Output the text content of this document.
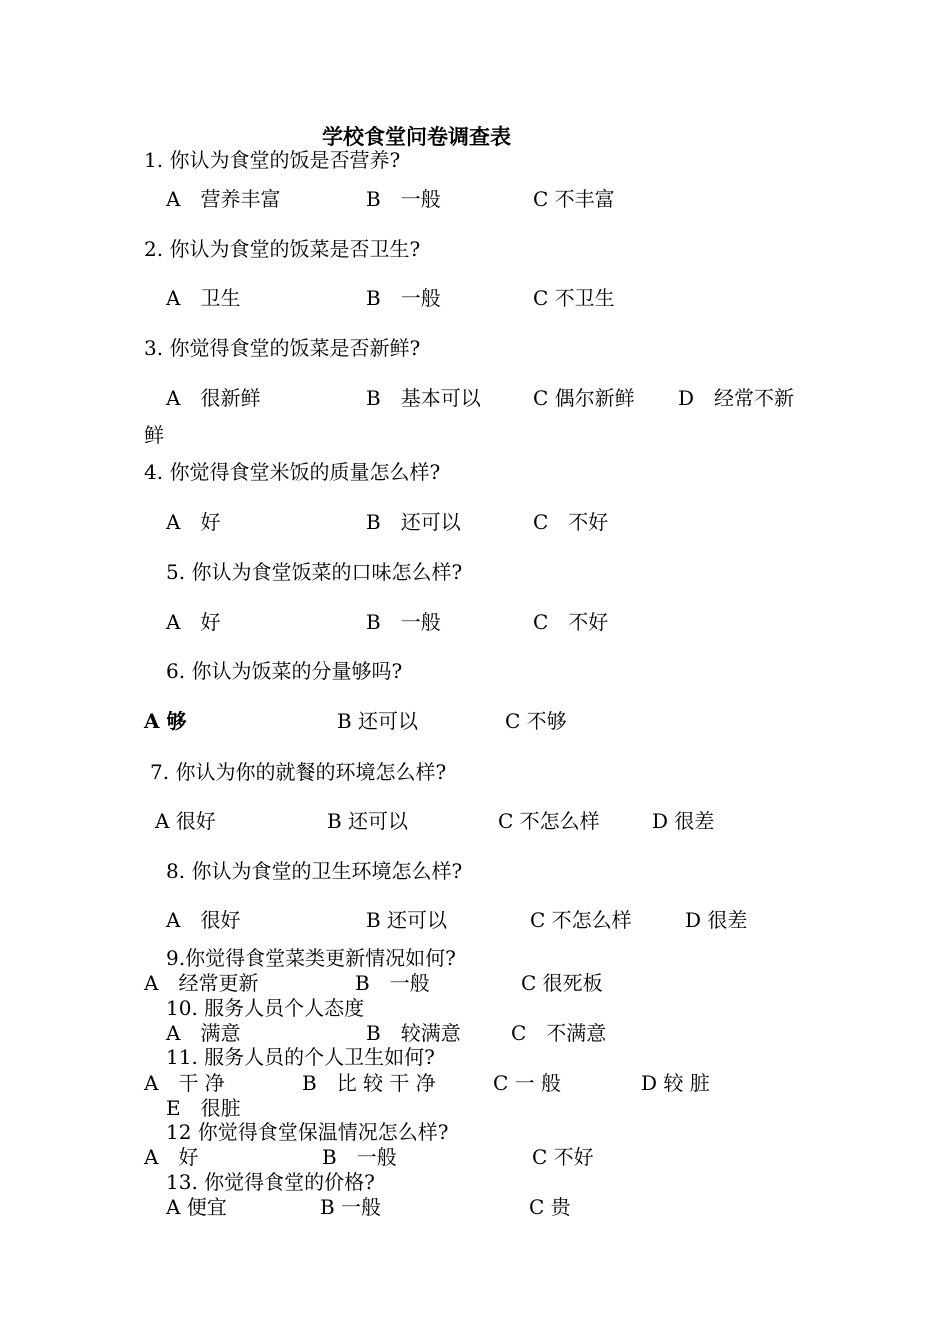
学校食堂问卷调查表
1. 你认为食堂的饭是否营养?
A　营养丰富	B　一般	C 不丰富
2. 你认为食堂的饭菜是否卫生?
A　卫生	B　一般	C 不卫生
3. 你觉得食堂的饭菜是否新鲜?
A　很新鲜	B　基本可以	C 偶尔新鲜 D　经常不新
鲜
4. 你觉得食堂米饭的质量怎么样?
A　好	B　还可以	C　不好
5. 你认为食堂饭菜的口味怎么样?
A　好	B　一般	C　不好
6. 你认为饭菜的分量够吗?
A 够	B 还可以	C 不够
7. 你认为你的就餐的环境怎么样?
A 很好	B 还可以	C 不怎么样	D 很差
8. 你认为食堂的卫生环境怎么样?
A　很好	B 还可以	C 不怎么样	D 很差
9.你觉得食堂菜类更新情况如何?
A　经常更新	B　一般	C 很死板
10. 服务人员个人态度
A　满意	B　较满意	C　不满意
11. 服务人员的个人卫生如何?
A　干 净	B　比 较 干 净	C 一 般	D 较 脏
E　很脏
12 你觉得食堂保温情况怎么样?
A　好	B　一般	C 不好
13. 你觉得食堂的价格?
A 便宜	B 一般	C 贵
